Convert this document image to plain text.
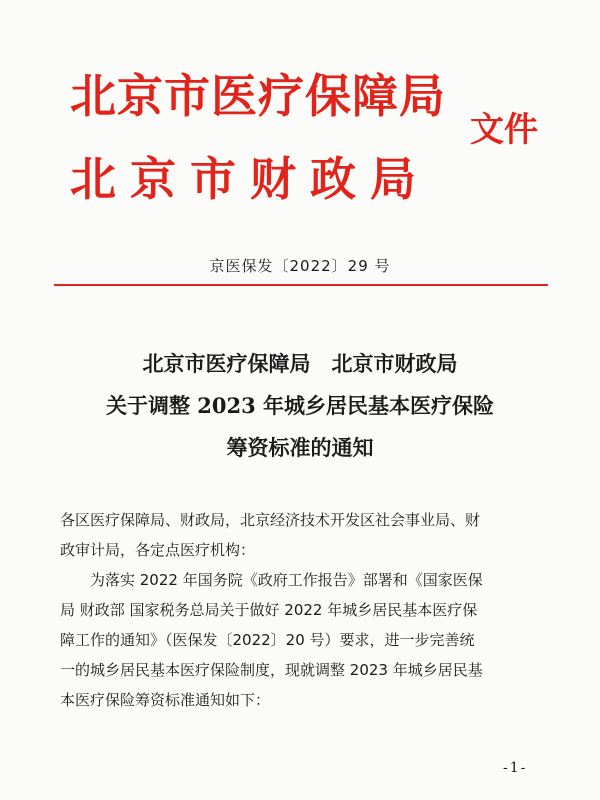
北京市医疗保障局
北京市财政局
文件
京医保发〔2022〕29 号
北京市医疗保障局　北京市财政局
关于调整 2023 年城乡居民基本医疗保险
筹资标准的通知
各区医疗保障局、财政局，北京经济技术开发区社会事业局、财
政审计局，各定点医疗机构：
　　为落实 2022 年国务院《政府工作报告》部署和《国家医保
局 财政部 国家税务总局关于做好 2022 年城乡居民基本医疗保
障工作的通知》（医保发〔2022〕20 号）要求，进一步完善统
一的城乡居民基本医疗保险制度，现就调整 2023 年城乡居民基
本医疗保险筹资标准通知如下：
-1-
